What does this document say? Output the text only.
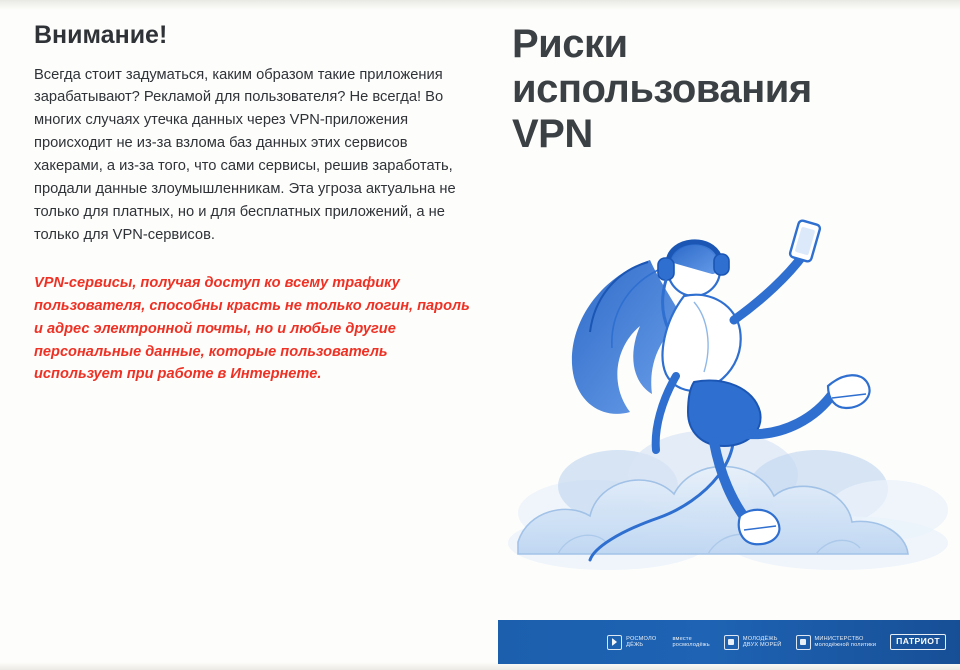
Внимание!

Всегда стоит задуматься, каким образом такие приложения зарабатывают? Рекламой для пользователя? Не всегда! Во многих случаях утечка данных через VPN-приложения происходит не из-за взлома баз данных этих сервисов хакерами, а из-за того, что сами сервисы, решив заработать, продали данные злоумышленникам. Эта угроза актуальна не только для платных, но и для бесплатных приложений, а не только для VPN-сервисов.

VPN-сервисы, получая доступ ко всему трафику пользователя, способны красть не только логин, пароль и адрес электронной почты, но и любые другие персональные данные, которые пользователь использует при работе в Интернете.
Риски
использования
VPN
РОСМОЛО
ДЁЖЬ
вместе
росмолодёжь
МОЛОДЁЖЬ
ДВУХ МОРЕЙ
МИНИСТЕРСТВО
молодёжной политики ПАТРИОТ
